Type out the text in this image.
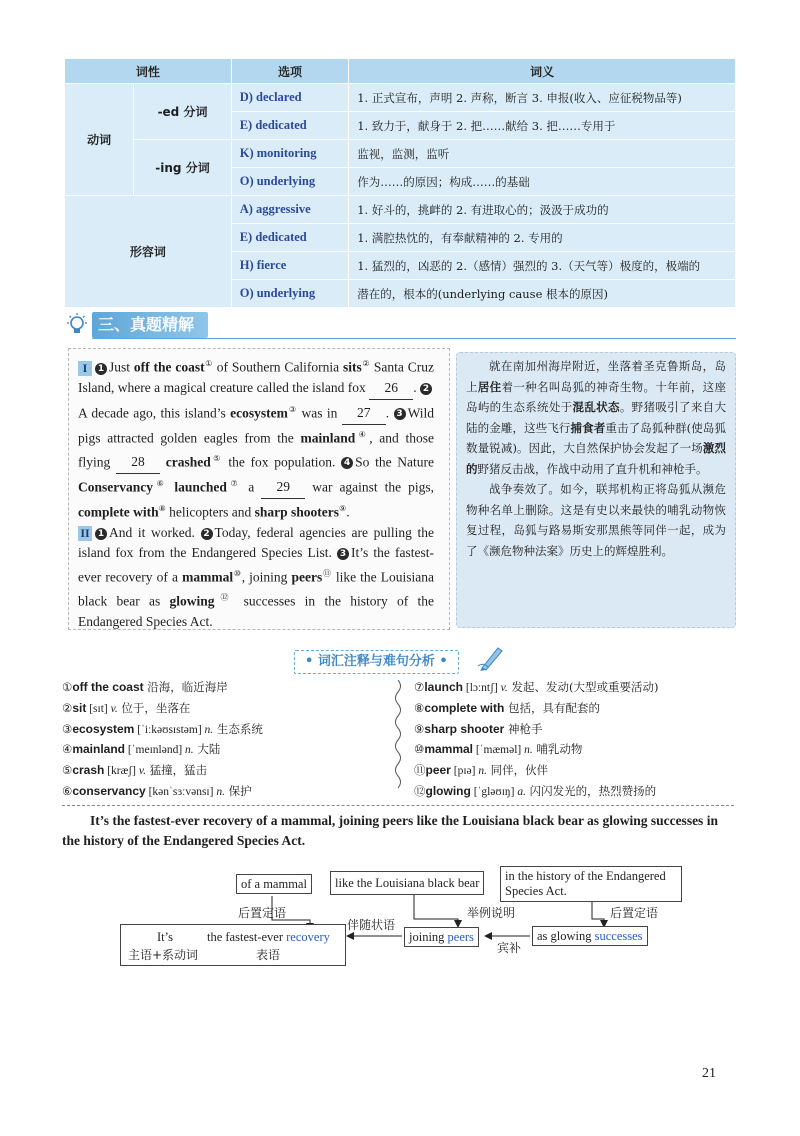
词性		选项	词义
动词	-ed 分词	D) declared	1. 正式宣布，声明 2. 声称，断言 3. 申报(收入、应征税物品等)
		E) dedicated	1. 致力于，献身于 2. 把……献给 3. 把……专用于
	-ing 分词	K) monitoring	监视，监测，监听
		O) underlying	作为……的原因；构成……的基础
形容词		A) aggressive	1. 好斗的，挑衅的 2. 有进取心的；汲汲于成功的
		E) dedicated	1. 满腔热忱的，有奉献精神的 2. 专用的
		H) fierce	1. 猛烈的，凶恶的 2.（感情）强烈的 3.（天气等）极度的，极端的
		O) underlying	潜在的，根本的(underlying cause 根本的原因)
三、真题精解

I 1 Just off the coast① of Southern California sits② Santa Cruz Island, where a magical creature called the island fox 26 . 2A decade ago, this island’s ecosystem③ was in 27 . 3 Wild pigs attracted golden eagles from the mainland④, and those flying 28 crashed⑤ the fox population. 4 So the Nature Conservancy⑥ launched⑦ a 29 war against the pigs, complete with⑧ helicopters and sharp shooters⑨.

II 1 And it worked. 2 Today, federal agencies are pulling the island fox from the Endangered Species List. 3 It’s the fastest-ever recovery of a mammal⑩, joining peers⑪ like the Louisiana black bear as glowing⑫ successes in the history of the Endangered Species Act.

就在南加州海岸附近，坐落着圣克鲁斯岛，岛上居住着一种名叫岛狐的神奇生物。十年前，这座岛屿的生态系统处于混乱状态。野猪吸引了来自大陆的金雕，这些飞行捕食者重击了岛狐种群(使岛狐数量锐减)。因此，大自然保护协会发起了一场激烈的野猪反击战，作战中动用了直升机和神枪手。

战争奏效了。如今，联邦机构正将岛狐从濒危物种名单上删除。这是有史以来最快的哺乳动物恢复过程，岛狐与路易斯安那黑熊等同伴一起，成为了《濒危物种法案》历史上的辉煌胜利。

• 词汇注释与难句分析 •
①off the coast 沿海，临近海岸
②sit [sɪt] v. 位于，坐落在
③ecosystem [ˈiːkəʊsɪstəm] n. 生态系统
④mainland [ˈmeɪnlənd] n. 大陆
⑤crash [kræʃ] v. 猛撞，猛击
⑥conservancy [kənˈsɜːvənsɪ] n. 保护
⑦launch [lɔːntʃ] v. 发起、发动(大型或重要活动)
⑧complete with 包括，具有配套的
⑨sharp shooter 神枪手
⑩mammal [ˈmæməl] n. 哺乳动物
⑪peer [pɪə] n. 同伴，伙伴
⑫glowing [ˈgləʊɪŋ] a. 闪闪发光的，热烈赞扬的

It’s the fastest-ever recovery of a mammal, joining peers like the Louisiana black bear as glowing successes in the history of the Endangered Species Act.

of a mammal	like the Louisiana black bear	in the history of the Endangered Species Act.
It’s	the fastest-ever recovery	joining peers	as glowing successes
后置定语
伴随状语
举例说明	后置定语
主语+系动词	表语	宾补
21
